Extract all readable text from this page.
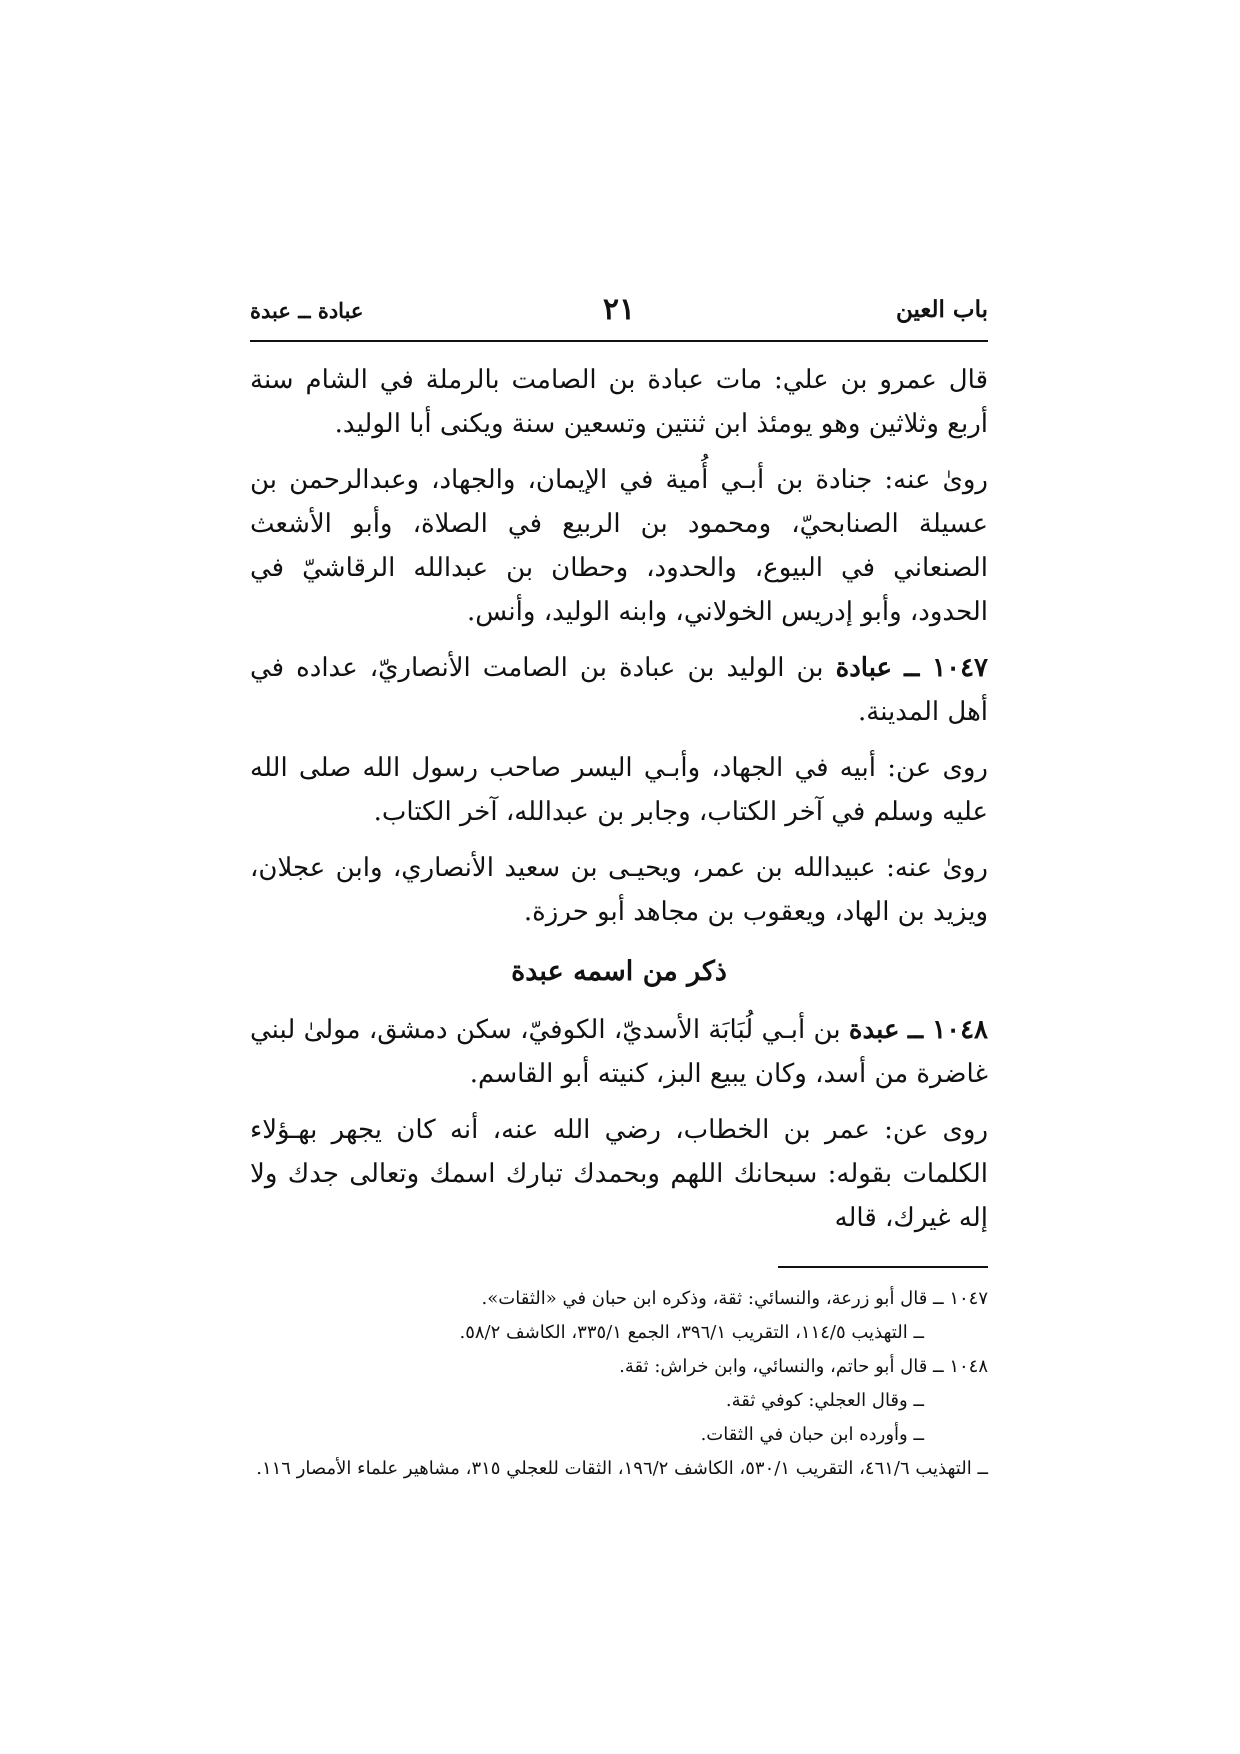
باب العين
٢١
عبادة ــ عبدة

قال عمرو بن علي: مات عبادة بن الصامت بالرملة في الشام سنة أربع وثلاثين وهو يومئذ ابن ثنتين وتسعين سنة ويكنى أبا الوليد.

روىٰ عنه: جنادة بن أبـي أُمية في الإيمان، والجهاد، وعبدالرحمن بن عسيلة الصنابحيّ، ومحمود بن الربيع في الصلاة، وأبو الأشعث الصنعاني في البيوع، والحدود، وحطان بن عبدالله الرقاشيّ في الحدود، وأبو إدريس الخولاني، وابنه الوليد، وأنس.

١٠٤٧ ــ عبادة بن الوليد بن عبادة بن الصامت الأنصاريّ، عداده في أهل المدينة.

روى عن: أبيه في الجهاد، وأبـي اليسر صاحب رسول الله صلى الله عليه وسلم في آخر الكتاب، وجابر بن عبدالله، آخر الكتاب.

روىٰ عنه: عبيدالله بن عمر، ويحيـى بن سعيد الأنصاري، وابن عجلان، ويزيد بن الهاد، ويعقوب بن مجاهد أبو حرزة.

ذكر من اسمه عبدة

١٠٤٨ ــ عبدة بن أبـي لُبَابَة الأسديّ، الكوفيّ، سكن دمشق، مولىٰ لبني غاضرة من أسد، وكان يبيع البز، كنيته أبو القاسم.

روى عن: عمر بن الخطاب، رضي الله عنه، أنه كان يجهر بهـؤلاء الكلمات بقوله: سبحانك اللهم وبحمدك تبارك اسمك وتعالى جدك ولا إله غيرك، قاله

١٠٤٧ ــ قال أبو زرعة، والنسائي: ثقة، وذكره ابن حبان في «الثقات».

ــ التهذيب ١١٤/٥، التقريب ٣٩٦/١، الجمع ٣٣٥/١، الكاشف ٥٨/٢.

١٠٤٨ ــ قال أبو حاتم، والنسائي، وابن خراش: ثقة.

ــ وقال العجلي: كوفي ثقة.

ــ وأورده ابن حبان في الثقات.

ــ التهذيب ٤٦١/٦، التقريب ٥٣٠/١، الكاشف ١٩٦/٢، الثقات للعجلي ٣١٥، مشاهير علماء الأمصار ١١٦.
